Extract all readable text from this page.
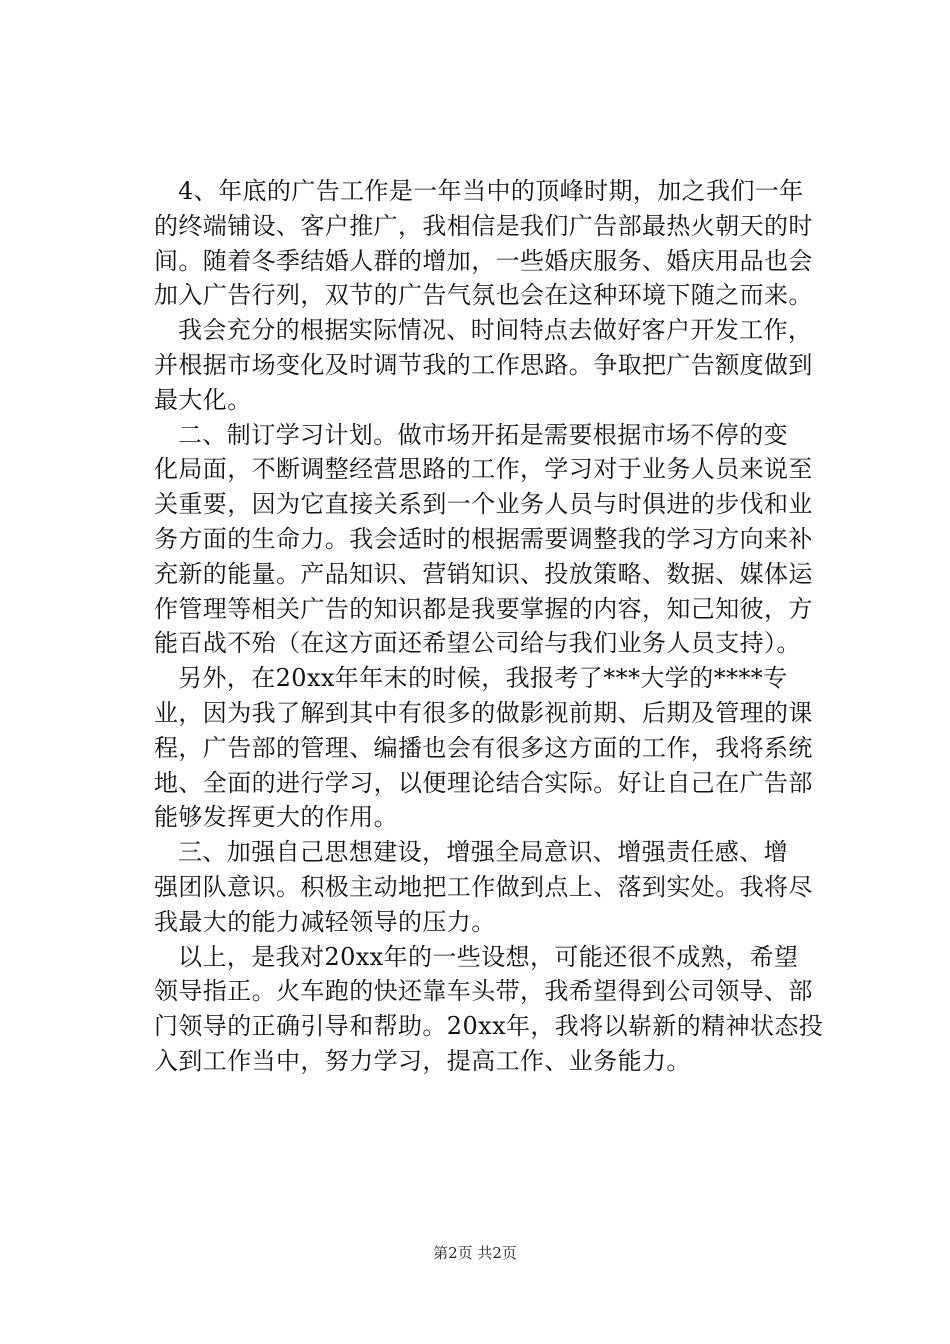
4、年底的广告工作是一年当中的顶峰时期，加之我们一年
的终端铺设、客户推广，我相信是我们广告部最热火朝天的时
间。随着冬季结婚人群的增加，一些婚庆服务、婚庆用品也会
加入广告行列，双节的广告气氛也会在这种环境下随之而来。
我会充分的根据实际情况、时间特点去做好客户开发工作，
并根据市场变化及时调节我的工作思路。争取把广告额度做到
最大化。
二、制订学习计划。做市场开拓是需要根据市场不停的变
化局面，不断调整经营思路的工作，学习对于业务人员来说至
关重要，因为它直接关系到一个业务人员与时俱进的步伐和业
务方面的生命力。我会适时的根据需要调整我的学习方向来补
充新的能量。产品知识、营销知识、投放策略、数据、媒体运
作管理等相关广告的知识都是我要掌握的内容，知己知彼，方
能百战不殆（在这方面还希望公司给与我们业务人员支持）。
另外，在20xx年年末的时候，我报考了***大学的****专
业，因为我了解到其中有很多的做影视前期、后期及管理的课
程，广告部的管理、编播也会有很多这方面的工作，我将系统
地、全面的进行学习，以便理论结合实际。好让自己在广告部
能够发挥更大的作用。
三、加强自己思想建设，增强全局意识、增强责任感、增
强团队意识。积极主动地把工作做到点上、落到实处。我将尽
我最大的能力减轻领导的压力。
以上，是我对20xx年的一些设想，可能还很不成熟，希望
领导指正。火车跑的快还靠车头带，我希望得到公司领导、部
门领导的正确引导和帮助。20xx年，我将以崭新的精神状态投
入到工作当中，努力学习，提高工作、业务能力。
第2页 共2页
